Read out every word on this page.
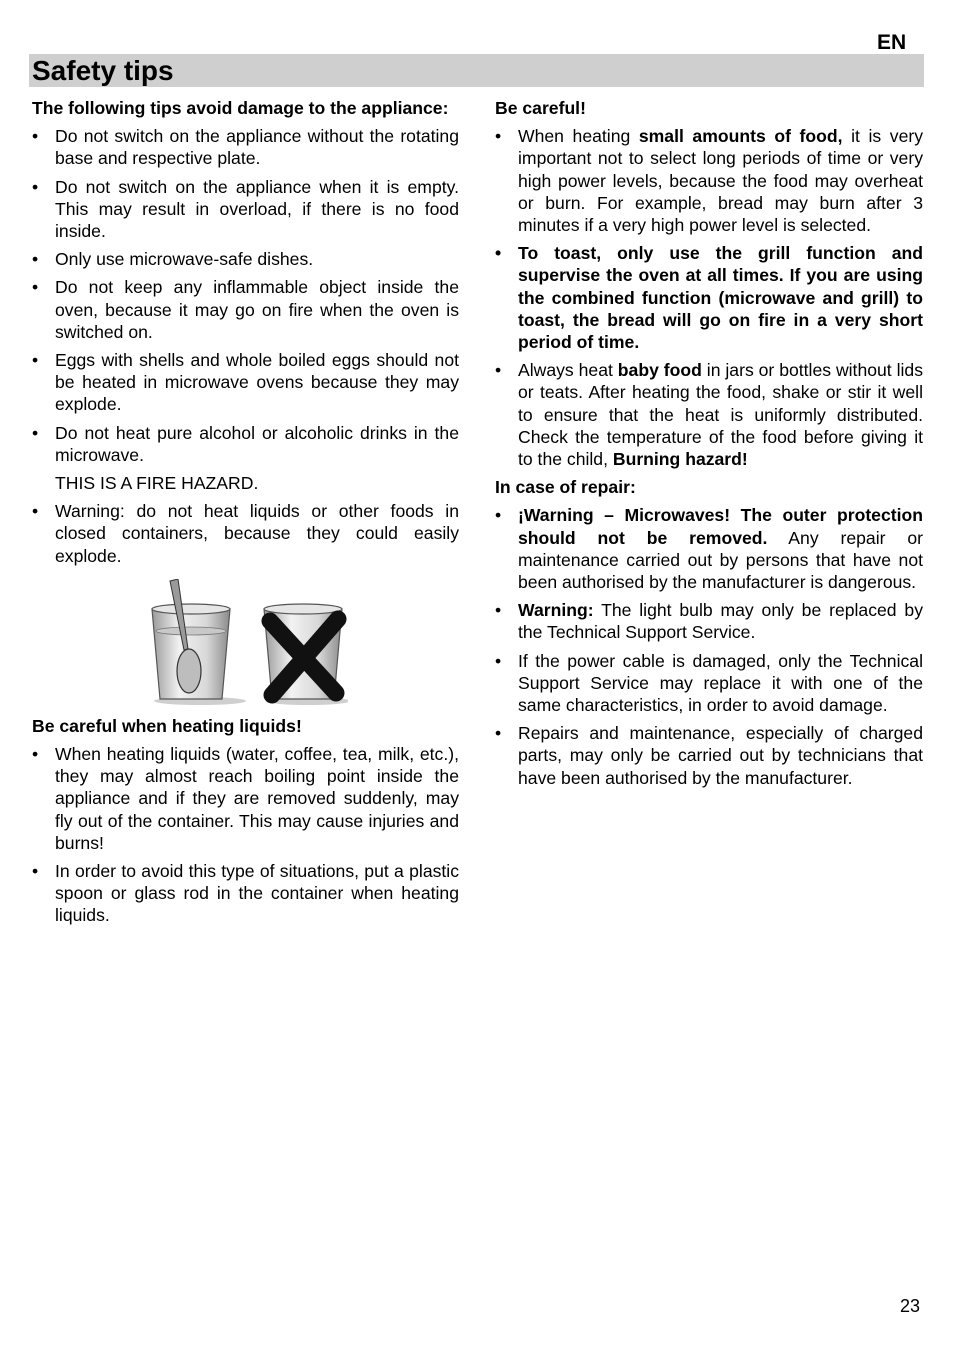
EN
Safety tips

The following tips avoid damage to the appliance:

• Do not switch on the appliance without the rotating base and respective plate.
• Do not switch on the appliance when it is empty. This may result in overload, if there is no food inside.
• Only use microwave-safe dishes.
• Do not keep any inflammable object inside the oven, because it may go on fire when the oven is switched on.
• Eggs with shells and whole boiled eggs should not be heated in microwave ovens because they may explode.
• Do not heat pure alcohol or alcoholic drinks in the microwave.

THIS IS A FIRE HAZARD.

• Warning: do not heat liquids or other foods in closed containers, because they could easily explode.

Be careful when heating liquids!

• When heating liquids (water, coffee, tea, milk, etc.), they may almost reach boiling point inside the appliance and if they are removed suddenly, may fly out of the container. This may cause injuries and burns!
• In order to avoid this type of situations, put a plastic spoon or glass rod in the container when heating liquids.

Be careful!

• When heating small amounts of food, it is very important not to select long periods of time or very high power levels, because the food may overheat or burn. For example, bread may burn after 3 minutes if a very high power level is selected.
• To toast, only use the grill function and supervise the oven at all times. If you are using the combined function (microwave and grill) to toast, the bread will go on fire in a very short period of time.
• Always heat baby food in jars or bottles without lids or teats. After heating the food, shake or stir it well to ensure that the heat is uniformly distributed. Check the temperature of the food before giving it to the child, Burning hazard!

In case of repair:

• ¡Warning – Microwaves! The outer protection should not be removed. Any repair or maintenance carried out by persons that have not been authorised by the manufacturer is dangerous.
• Warning: The light bulb may only be replaced by the Technical Support Service.
• If the power cable is damaged, only the Technical Support Service may replace it with one of the same characteristics, in order to avoid damage.
• Repairs and maintenance, especially of charged parts, may only be carried out by technicians that have been authorised by the manufacturer.
23
